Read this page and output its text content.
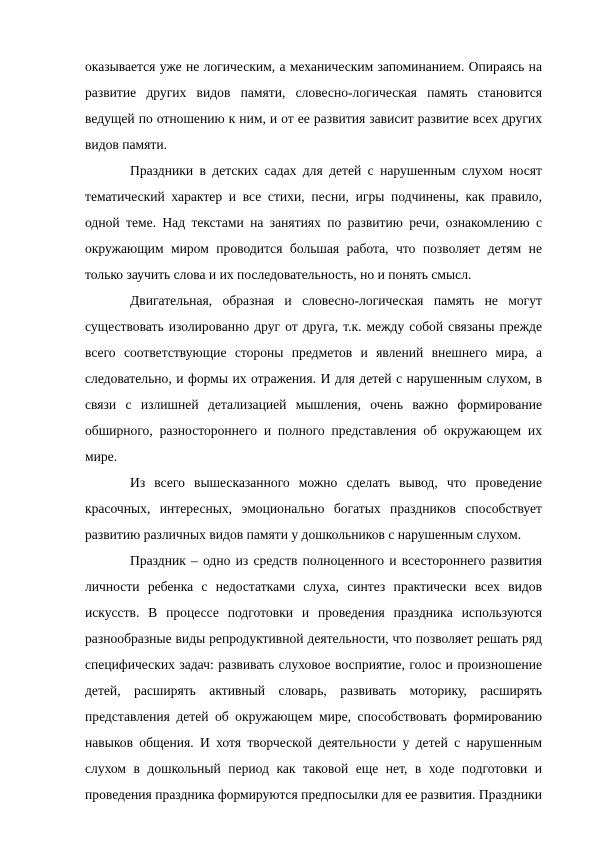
оказывается уже не логическим, а механическим запоминанием. Опираясь на
развитие других видов памяти, словесно-логическая память становится
ведущей по отношению к ним, и от ее развития зависит развитие всех других
видов памяти.
Праздники в детских садах для детей с нарушенным слухом носят
тематический характер и все стихи, песни, игры подчинены, как правило,
одной теме. Над текстами на занятиях по развитию речи, ознакомлению с
окружающим миром проводится большая работа, что позволяет детям не
только заучить слова и их последовательность, но и понять смысл.
Двигательная, образная и словесно-логическая память не могут
существовать изолированно друг от друга, т.к. между собой связаны прежде
всего соответствующие стороны предметов и явлений внешнего мира, а
следовательно, и формы их отражения. И для детей с нарушенным слухом, в
связи с излишней детализацией мышления, очень важно формирование
обширного, разностороннего и полного представления об окружающем их
мире.
Из всего вышесказанного можно сделать вывод, что проведение
красочных, интересных, эмоционально богатых праздников способствует
развитию различных видов памяти у дошкольников с нарушенным слухом.
Праздник – одно из средств полноценного и всестороннего развития
личности ребенка с недостатками слуха, синтез практически всех видов
искусств. В процессе подготовки и проведения праздника используются
разнообразные виды репродуктивной деятельности, что позволяет решать ряд
специфических задач: развивать слуховое восприятие, голос и произношение
детей, расширять активный словарь, развивать моторику, расширять
представления детей об окружающем мире, способствовать формированию
навыков общения. И хотя творческой деятельности у детей с нарушенным
слухом в дошкольный период как таковой еще нет, в ходе подготовки и
проведения праздника формируются предпосылки для ее развития. Праздники
